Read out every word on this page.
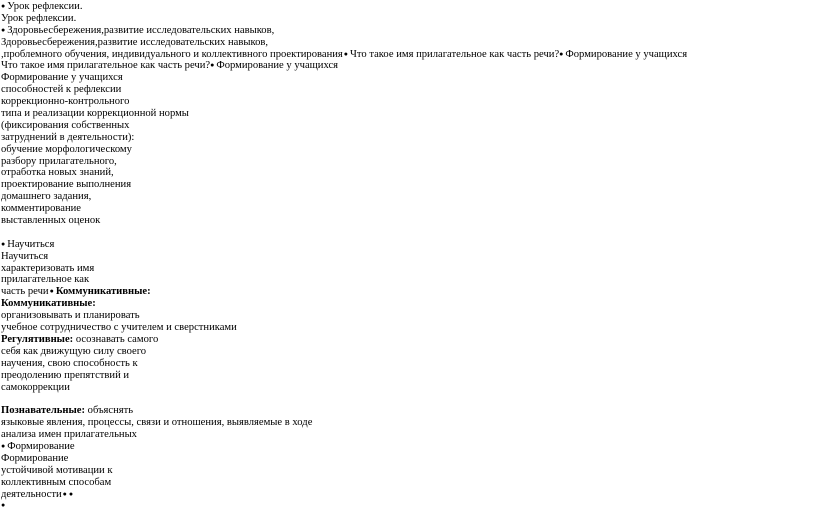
● Урок рефлексии.
Урок рефлексии.
● Здоровьесбережения,развитие исследовательских навыков,
Здоровьесбережения,развитие исследовательских навыков,
,проблемного обучения, индивидуального и коллективного проектирования ● Что такое имя прилагательное как часть речи? ● Формирование у учащихся
Что такое имя прилагательное как часть речи? ● Формирование у учащихся
Формирование у учащихся
способностей к рефлексии
коррекционно-контрольного
типа и реализации коррекционной нормы
(фиксирования собственных
затруднений в деятельности):
обучение морфологическому
разбору прилагательного,
отработка новых знаний,
проектирование выполнения
домашнего задания,
комментирование
выставленных оценок
● Научиться
Научиться
характеризовать имя
прилагательное как
часть речи ● Коммуникативные:
Коммуникативные:
организовывать и планировать
учебное сотрудничество с учителем и сверстниками
Регулятивные: осознавать самого
себя как движущую силу своего
научения, свою способность к
преодолению препятствий и
самокоррекции
Познавательные: объяснять
языковые явления, процессы, связи и отношения, выявляемые в ходе
анализа имен прилагательных
● Формирование
Формирование
устойчивой мотивации к
коллективным способам
деятельности● ●
●
